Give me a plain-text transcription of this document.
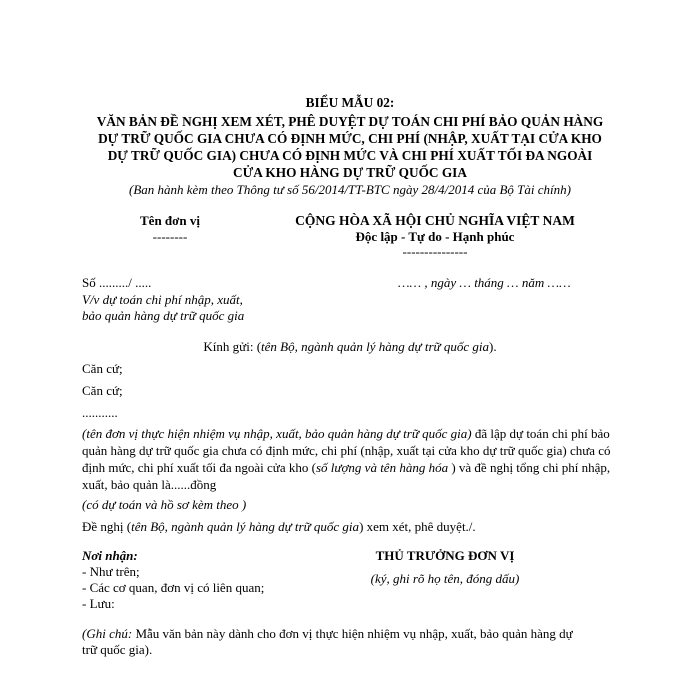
BIỂU MẪU 02:
VĂN BẢN ĐỀ NGHỊ XEM XÉT, PHÊ DUYỆT DỰ TOÁN CHI PHÍ BẢO QUẢN HÀNG
DỰ TRỮ QUỐC GIA CHƯA CÓ ĐỊNH MỨC, CHI PHÍ (NHẬP, XUẤT TẠI CỬA KHO
DỰ TRỮ QUỐC GIA) CHƯA CÓ ĐỊNH MỨC VÀ CHI PHÍ XUẤT TỐI ĐA NGOÀI
CỬA KHO HÀNG DỰ TRỮ QUỐC GIA
(Ban hành kèm theo Thông tư số 56/2014/TT-BTC ngày 28/4/2014 của Bộ Tài chính)
Tên đơn vị
--------
CỘNG HÒA XÃ HỘI CHỦ NGHĨA VIỆT NAM
Độc lập - Tự do - Hạnh phúc
---------------
Số ........./ .....
V/v dự toán chi phí nhập, xuất,
bảo quản hàng dự trữ quốc gia
…… , ngày … tháng … năm ……
Kính gửi: (tên Bộ, ngành quản lý hàng dự trữ quốc gia).
Căn cứ;
Căn cứ;
...........
(tên đơn vị thực hiện nhiệm vụ nhập, xuất, bảo quản hàng dự trữ quốc gia) đã lập dự toán chi phí bảo quản hàng dự trữ quốc gia chưa có định mức, chi phí (nhập, xuất tại cửa kho dự trữ quốc gia) chưa có định mức, chi phí xuất tối đa ngoài cửa kho (số lượng và tên hàng hóa ) và đề nghị tổng chi phí nhập, xuất, bảo quản là......đồng
(có dự toán và hồ sơ kèm theo )
Đề nghị (tên Bộ, ngành quản lý hàng dự trữ quốc gia) xem xét, phê duyệt./.
Nơi nhận:
- Như trên;
- Các cơ quan, đơn vị có liên quan;
- Lưu:
THỦ TRƯỞNG ĐƠN VỊ
(ký, ghi rõ họ tên, đóng dấu)
(Ghi chú: Mẫu văn bản này dành cho đơn vị thực hiện nhiệm vụ nhập, xuất, bảo quản hàng dự
trữ quốc gia).
